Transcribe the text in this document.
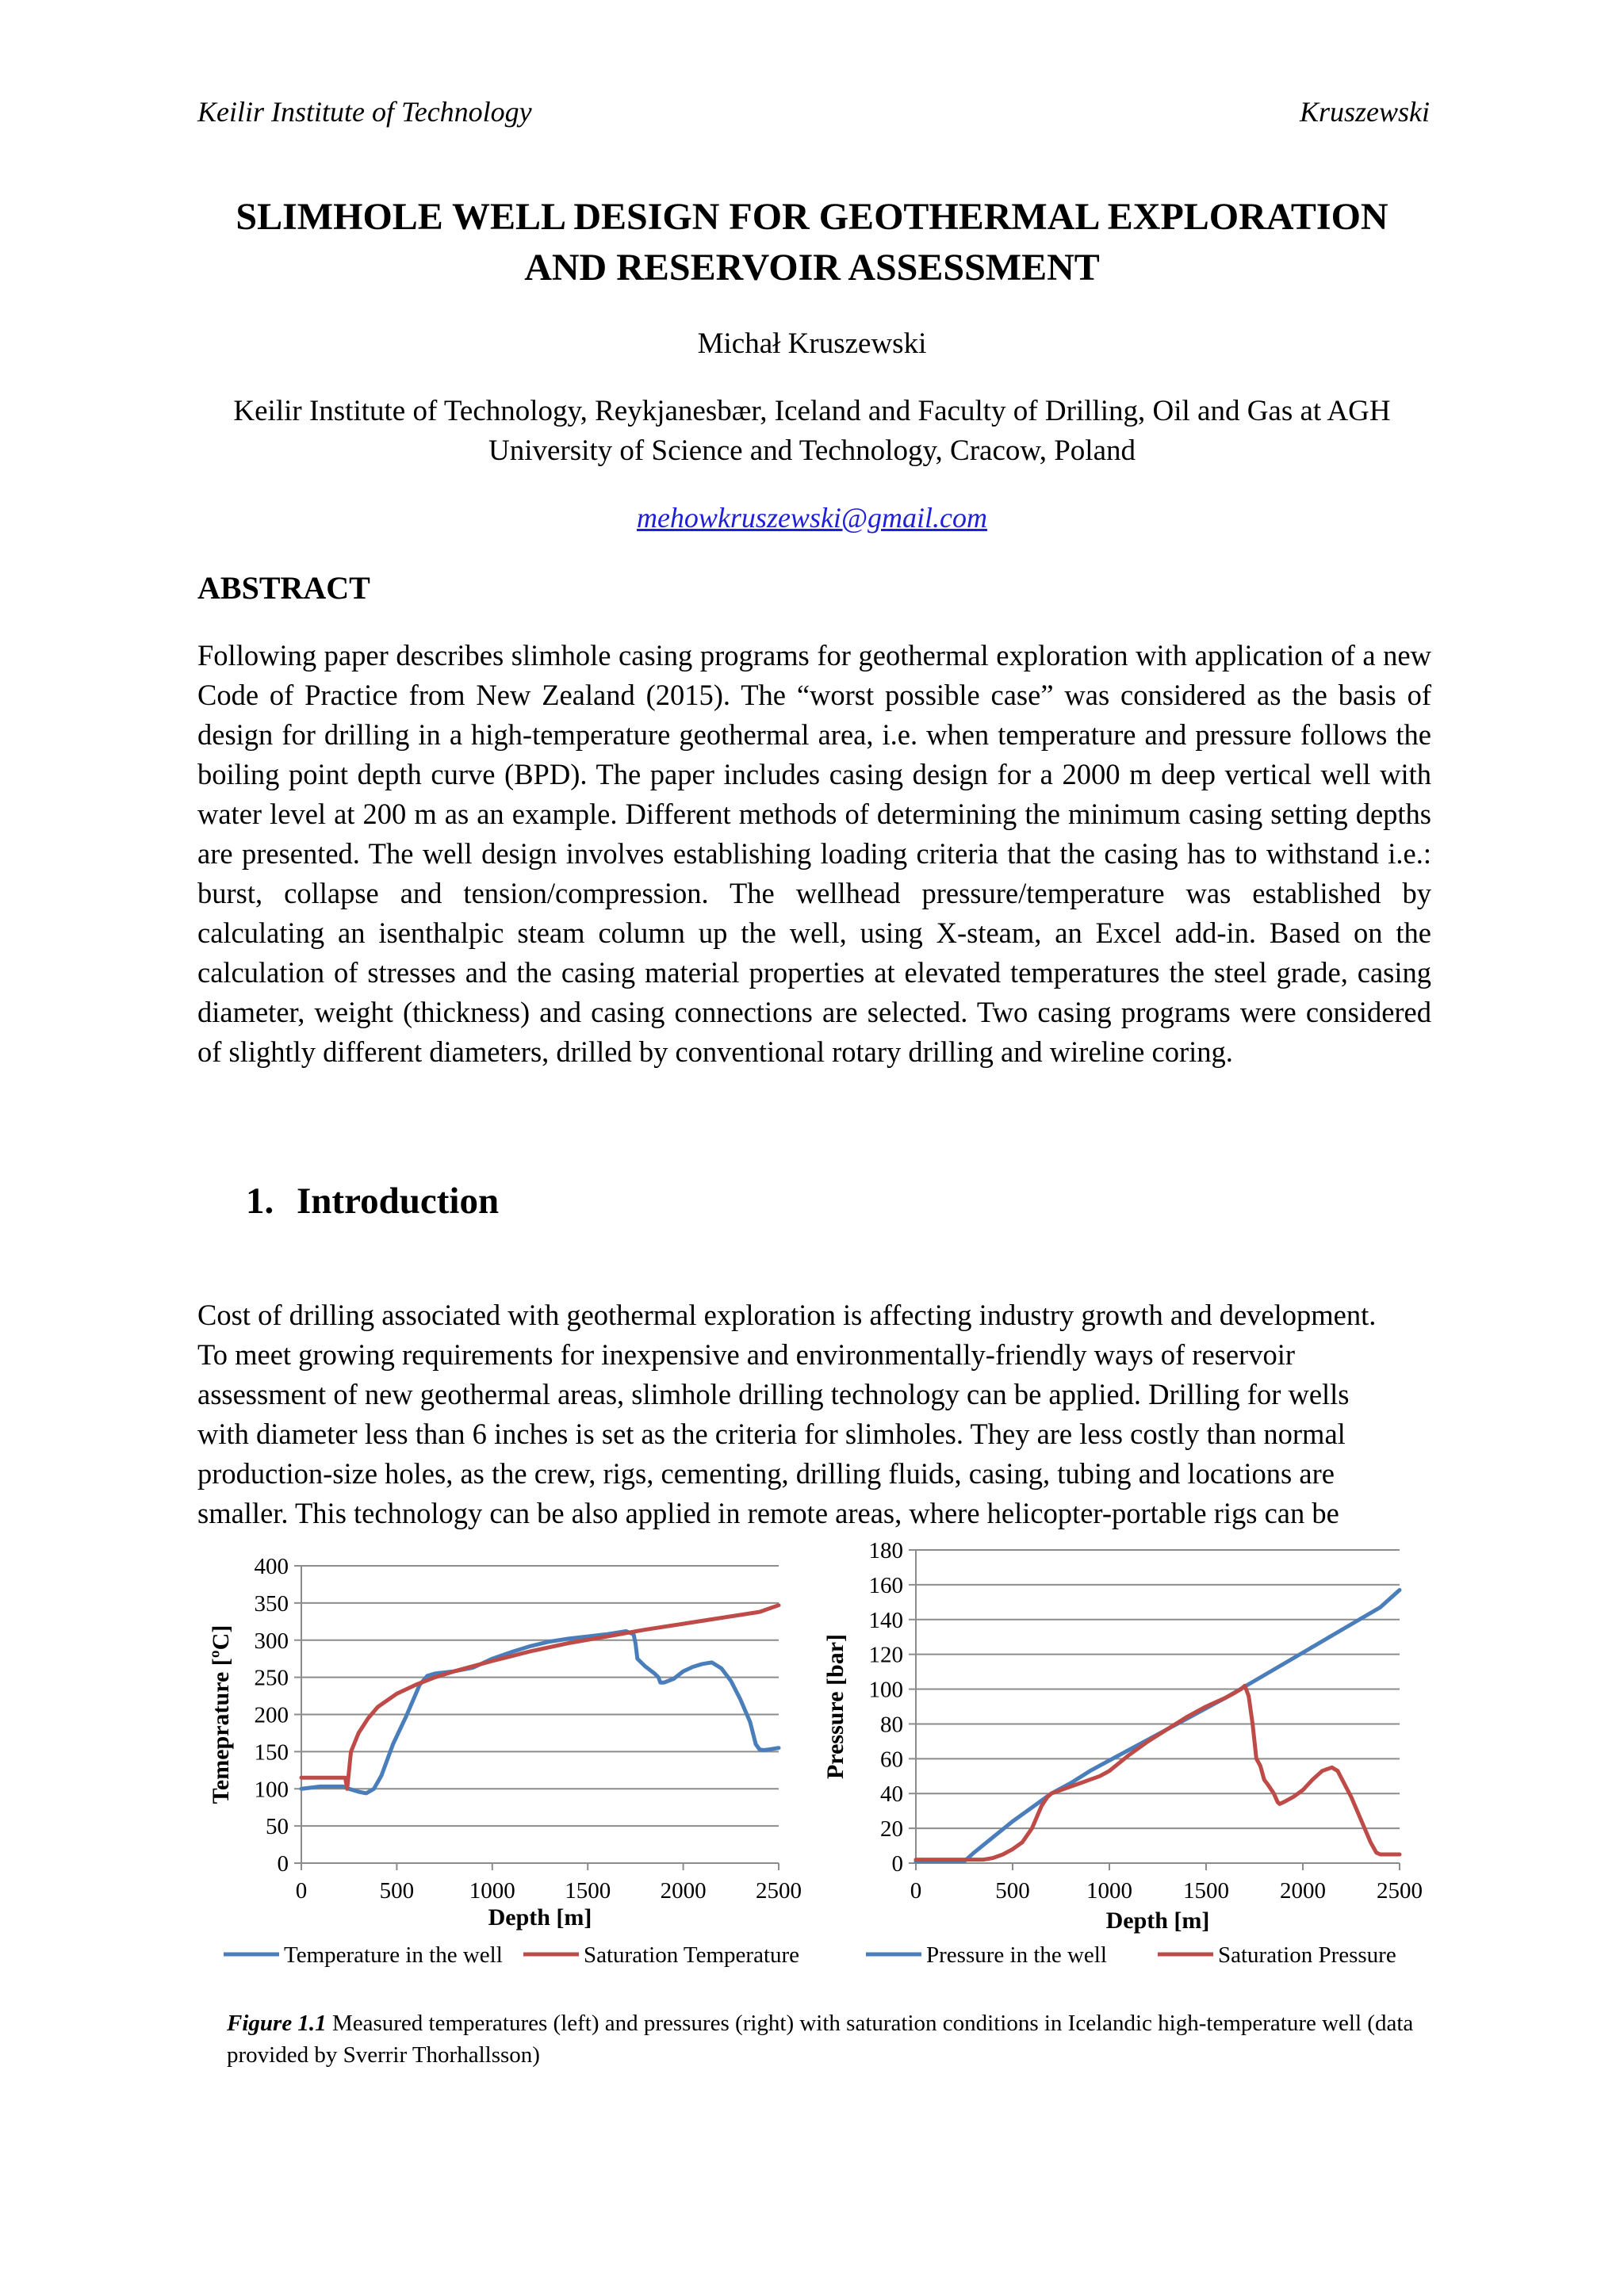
Keilir Institute of Technology	Kruszewski
SLIMHOLE WELL DESIGN FOR GEOTHERMAL EXPLORATION
AND RESERVOIR ASSESSMENT
Michał Kruszewski
Keilir Institute of Technology, Reykjanesbær, Iceland and Faculty of Drilling, Oil and Gas at AGH University of Science and Technology, Cracow, Poland
mehowkruszewski@gmail.com
ABSTRACT
Following paper describes slimhole casing programs for geothermal exploration with application of a new Code of Practice from New Zealand (2015). The “worst possible case” was considered as the basis of design for drilling in a high-temperature geothermal area, i.e. when temperature and pressure follows the boiling point depth curve (BPD). The paper includes casing design for a 2000 m deep vertical well with water level at 200 m as an example. Different methods of determining the minimum casing setting depths are presented. The well design involves establishing loading criteria that the casing has to withstand i.e.: burst, collapse and tension/compression. The wellhead pressure/temperature was established by calculating an isenthalpic steam column up the well, using X-steam, an Excel add-in. Based on the calculation of stresses and the casing material properties at elevated temperatures the steel grade, casing diameter, weight (thickness) and casing connections are selected. Two casing programs were considered of slightly different diameters, drilled by conventional rotary drilling and wireline coring.
1. Introduction
Cost of drilling associated with geothermal exploration is affecting industry growth and development.
To meet growing requirements for inexpensive and environmentally-friendly ways of reservoir
assessment of new geothermal areas, slimhole drilling technology can be applied. Drilling for wells
with diameter less than 6 inches is set as the criteria for slimholes. They are less costly than normal
production-size holes, as the crew, rigs, cementing, drilling fluids, casing, tubing and locations are
smaller. This technology can be also applied in remote areas, where helicopter-portable rigs can be
0
50
100
150
200
250
300
350
400
0	500 1000 1500 2000 2500
Depth [m]
Temeprature [ºC]
Temperature in the well	Saturation Temperature
0
20
40
60
80
100
120
140
160
180
0	500 1000 1500 2000 2500
Depth [m]
Pressure [bar]
Pressure in the well	Saturation Pressure
Figure 1.1 Measured temperatures (left) and pressures (right) with saturation conditions in Icelandic high-temperature well (data provided by Sverrir Thorhallsson)
